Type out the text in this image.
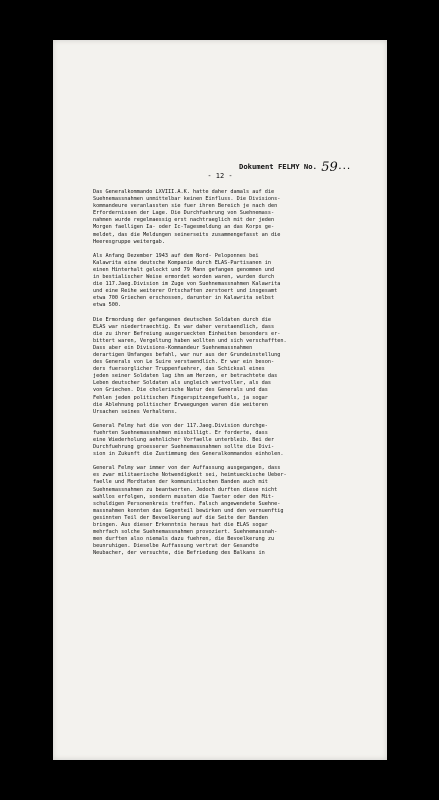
Dokument FELMY No. 59...
- 12 -

Das Generalkommando LXVIII.A.K. hatte daher damals auf die
Suehnemassnahmen unmittelbar keinen Einfluss. Die Divisions-
kommandeure veranlassten sie fuer ihren Bereich je nach den
Erfordernissen der Lage. Die Durchfuehrung von Suehnemass-
nahmen wurde regelmaessig erst nachtraeglich mit der jeden
Morgen faelligen Ia- oder Ic-Tagesmeldung an das Korps ge-
meldet, das die Meldungen seinerseits zusammengefasst an die
Heeresgruppe weitergab.

Als Anfang Dezember 1943 auf dem Nord- Peloponnes bei
Kalawrita eine deutsche Kompanie durch ELAS-Partisanen in
einen Hinterhalt gelockt und 79 Mann gefangen genommen und
in bestialischer Weise ermordet worden waren, wurden durch
die 117.Jaeg.Division im Zuge von Suehnemassnahmen Kalawrita
und eine Reihe weiterer Ortschaften zerstoert und insgesamt
etwa 700 Griechen erschossen, darunter in Kalawrita selbst
etwa 500.

Die Ermordung der gefangenen deutschen Soldaten durch die
ELAS war niedertraechtig. Es war daher verstaendlich, dass
die zu ihrer Befreiung ausgerueckten Einheiten besonders er-
bittert waren, Vergeltung haben wollten und sich verschafften.
Dass aber ein Divisions-Kommandeur Suehnemassnahmen
derartigen Umfanges befahl, war nur aus der Grundeinstellung
des Generals von Le Suire verstaendlich. Er war ein beson-
ders fuersorglicher Truppenfuehrer, das Schicksal eines
jeden seiner Soldaten lag ihm am Herzen, er betrachtete das
Leben deutscher Soldaten als ungleich wertvoller, als das
von Griechen. Die cholerische Natur des Generals und das
Fehlen jeden politischen Fingerspitzengefuehls, ja sogar
die Ablehnung politischer Erwaegungen waren die weiteren
Ursachen seines Verhaltens.

General Felmy hat die von der 117.Jaeg.Division durchge-
fuehrten Suehnemassnahmen missbilligt. Er forderte, dass
eine Wiederholung aehnlicher Vorfaelle unterbleib. Bei der
Durchfuehrung groesserer Suehnemassnahmen sollte die Divi-
sion in Zukunft die Zustimmung des Generalkommandos einholen.

General Felmy war immer von der Auffassung ausgegangen, dass
es zwar militaerische Notwendigkeit sei, heimtueckische Ueber-
faelle und Mordtaten der kommunistischen Banden auch mit
Suehnemassnahmen zu beantworten. Jedoch durften diese nicht
wahllos erfolgen, sondern mussten die Taeter oder den Mit-
schuldigen Personenkreis treffen. Falsch angewendete Suehne-
massnahmen konnten das Gegenteil bewirken und den vernuenftig
gesinnten Teil der Bevoelkerung auf die Seite der Banden
bringen. Aus dieser Erkenntnis heraus hat die ELAS sogar
mehrfach solche Suehnemassnahmen provoziert. Suehnemassnah-
men durften also niemals dazu fuehren, die Bevoelkerung zu
beunruhigen. Dieselbe Auffassung vertrat der Gesandte
Neubacher, der versuchte, die Befriedung des Balkans in
